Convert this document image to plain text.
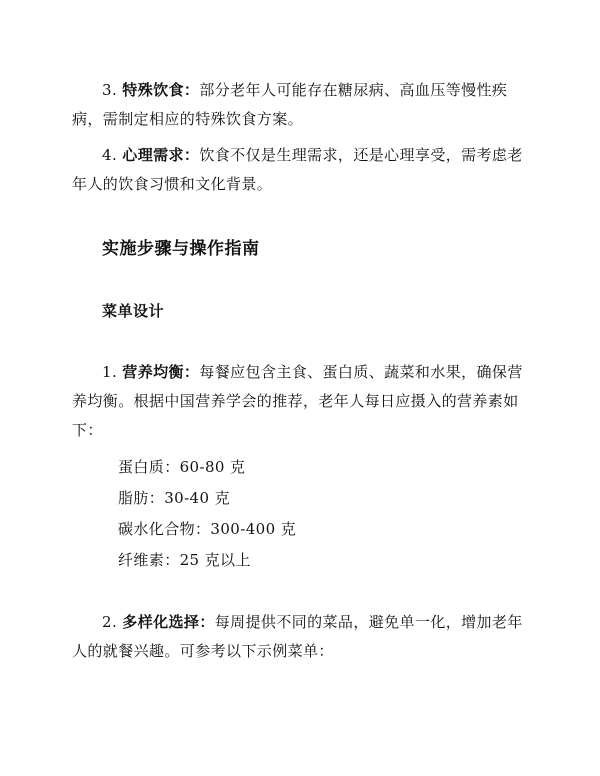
3. 特殊饮食：部分老年人可能存在糖尿病、高血压等慢性疾病，需制定相应的特殊饮食方案。
4. 心理需求：饮食不仅是生理需求，还是心理享受，需考虑老年人的饮食习惯和文化背景。
实施步骤与操作指南
菜单设计
1. 营养均衡：每餐应包含主食、蛋白质、蔬菜和水果，确保营养均衡。根据中国营养学会的推荐，老年人每日应摄入的营养素如下：
蛋白质：60-80 克
脂肪：30-40 克
碳水化合物：300-400 克
纤维素：25 克以上
2. 多样化选择：每周提供不同的菜品，避免单一化，增加老年人的就餐兴趣。可参考以下示例菜单：
